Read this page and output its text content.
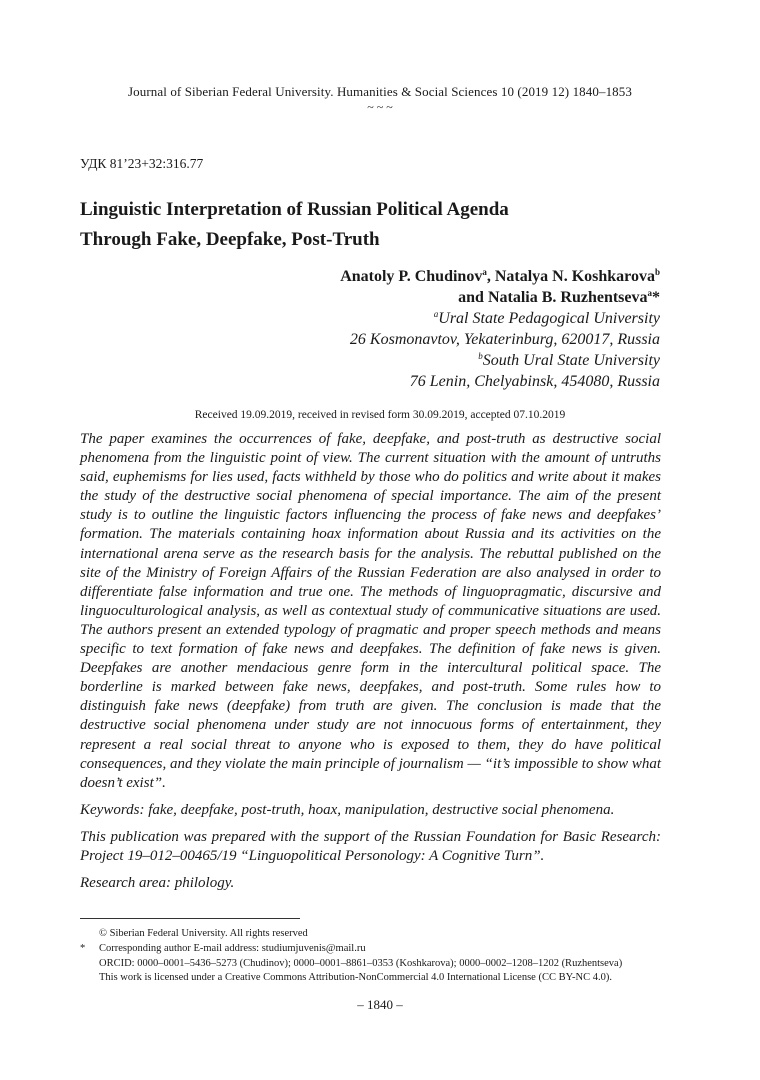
Journal of Siberian Federal University. Humanities & Social Sciences 10 (2019 12) 1840–1853
~ ~ ~
УДК 81’23+32:316.77
Linguistic Interpretation of Russian Political Agenda
Through Fake, Deepfake, Post-Truth
Anatoly P. Chudinov$^a$, Natalya N. Koshkarova$^b$
and Natalia B. Ruzhentseva$^a$*
$^a$Ural State Pedagogical University
26 Kosmonavtov, Yekaterinburg, 620017, Russia
$^b$South Ural State University
76 Lenin, Chelyabinsk, 454080, Russia
Received 19.09.2019, received in revised form 30.09.2019, accepted 07.10.2019

The paper examines the occurrences of fake, deepfake, and post-truth as destructive social phenomena from the linguistic point of view. The current situation with the amount of untruths said, euphemisms for lies used, facts withheld by those who do politics and write about it makes the study of the destructive social phenomena of special importance. The aim of the present study is to outline the linguistic factors influencing the process of fake news and deepfakes’ formation. The materials containing hoax information about Russia and its activities on the international arena serve as the research basis for the analysis. The rebuttal published on the site of the Ministry of Foreign Affairs of the Russian Federation are also analysed in order to differentiate false information and true one. The methods of linguopragmatic, discursive and linguoculturological analysis, as well as contextual study of communicative situations are used. The authors present an extended typology of pragmatic and proper speech methods and means specific to text formation of fake news and deepfakes. The definition of fake news is given. Deepfakes are another mendacious genre form in the intercultural political space. The borderline is marked between fake news, deepfakes, and post-truth. Some rules how to distinguish fake news (deepfake) from truth are given. The conclusion is made that the destructive social phenomena under study are not innocuous forms of entertainment, they represent a real social threat to anyone who is exposed to them, they do have political consequences, and they violate the main principle of journalism — “it’s impossible to show what doesn’t exist”.

Keywords: fake, deepfake, post-truth, hoax, manipulation, destructive social phenomena.

This publication was prepared with the support of the Russian Foundation for Basic Research: Project 19–012–00465/19 “Linguopolitical Personology: A Cognitive Turn”.

Research area: philology.

© Siberian Federal University. All rights reserved
* Corresponding author E-mail address: studiumjuvenis@mail.ru
ORCID: 0000–0001–5436–5273 (Chudinov); 0000–0001–8861–0353 (Koshkarova); 0000–0002–1208–1202 (Ruzhentseva)
This work is licensed under a Creative Commons Attribution-NonCommercial 4.0 International License (CC BY-NC 4.0).
– 1840 –
